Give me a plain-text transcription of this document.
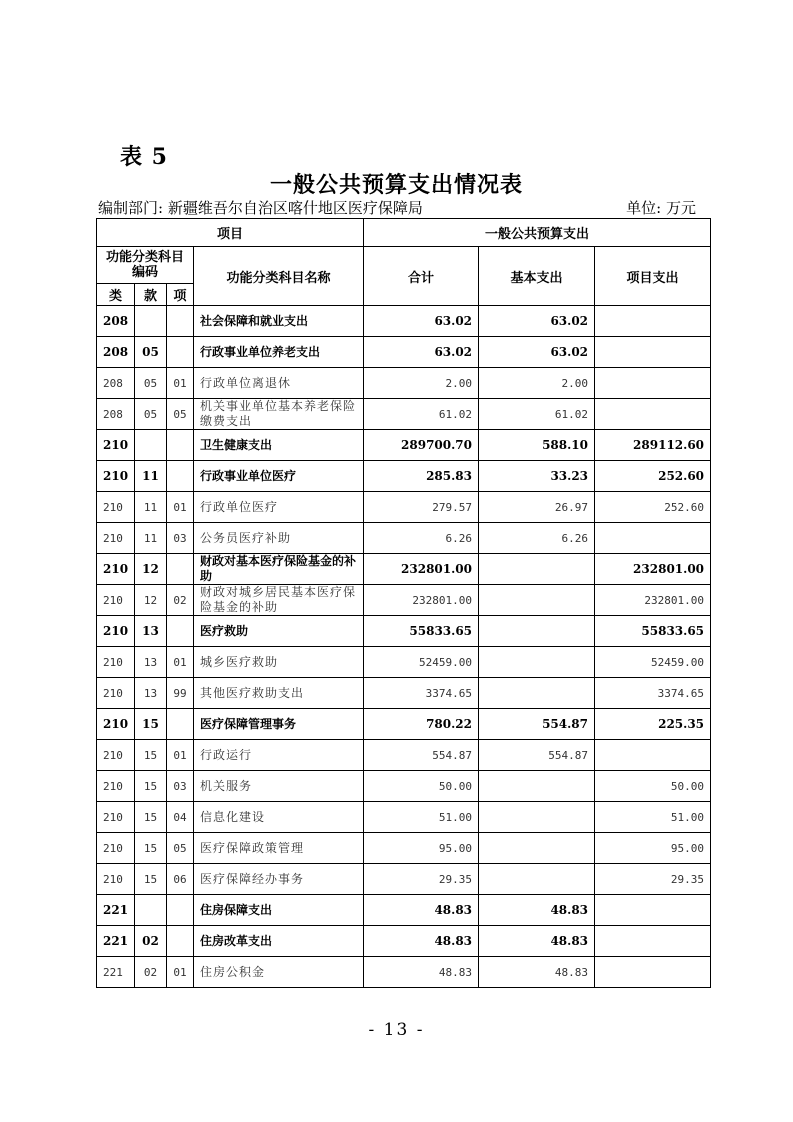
表 5
一般公共预算支出情况表
编制部门: 新疆维吾尔自治区喀什地区医疗保障局	单位: 万元
项目				一般公共预算支出		
功能分类科目编码			功能分类科目名称	合计	基本支出	项目支出
类	款	项				
208			社会保障和就业支出	63.02	63.02	
208	05		行政事业单位养老支出	63.02	63.02	
208	05	01	行政单位离退休	2.00	2.00	
208	05	05	机关事业单位基本养老保险缴费支出	61.02	61.02	
210			卫生健康支出	289700.70	588.10	289112.60
210	11		行政事业单位医疗	285.83	33.23	252.60
210	11	01	行政单位医疗	279.57	26.97	252.60
210	11	03	公务员医疗补助	6.26	6.26	
210	12		财政对基本医疗保险基金的补助	232801.00		232801.00
210	12	02	财政对城乡居民基本医疗保险基金的补助	232801.00		232801.00
210	13		医疗救助	55833.65		55833.65
210	13	01	城乡医疗救助	52459.00		52459.00
210	13	99	其他医疗救助支出	3374.65		3374.65
210	15		医疗保障管理事务	780.22	554.87	225.35
210	15	01	行政运行	554.87	554.87	
210	15	03	机关服务	50.00		50.00
210	15	04	信息化建设	51.00		51.00
210	15	05	医疗保障政策管理	95.00		95.00
210	15	06	医疗保障经办事务	29.35		29.35
221			住房保障支出	48.83	48.83	
221	02		住房改革支出	48.83	48.83	
221	02	01	住房公积金	48.83	48.83	
- 13 -
